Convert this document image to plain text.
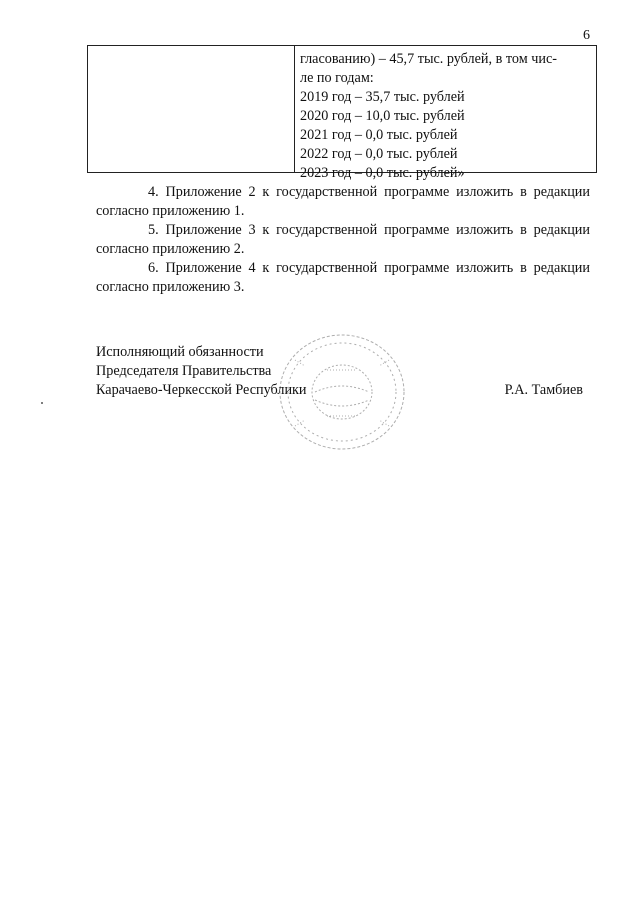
6
гласованию) – 45,7 тыс. рублей, в том чис-
ле по годам:
2019 год – 35,7 тыс. рублей
2020 год – 10,0 тыс. рублей
2021 год – 0,0 тыс. рублей
2022 год – 0,0 тыс. рублей
2023 год – 0,0 тыс. рублей»

4. Приложение 2 к государственной программе изложить в редакции согласно приложению 1.

5. Приложение 3 к государственной программе изложить в редакции согласно приложению 2.

6. Приложение 4 к государственной программе изложить в редакции согласно приложению 3.

Исполняющий обязанности
Председателя Правительства
Карачаево-Черкесской Республики	Р.А. Тамбиев
